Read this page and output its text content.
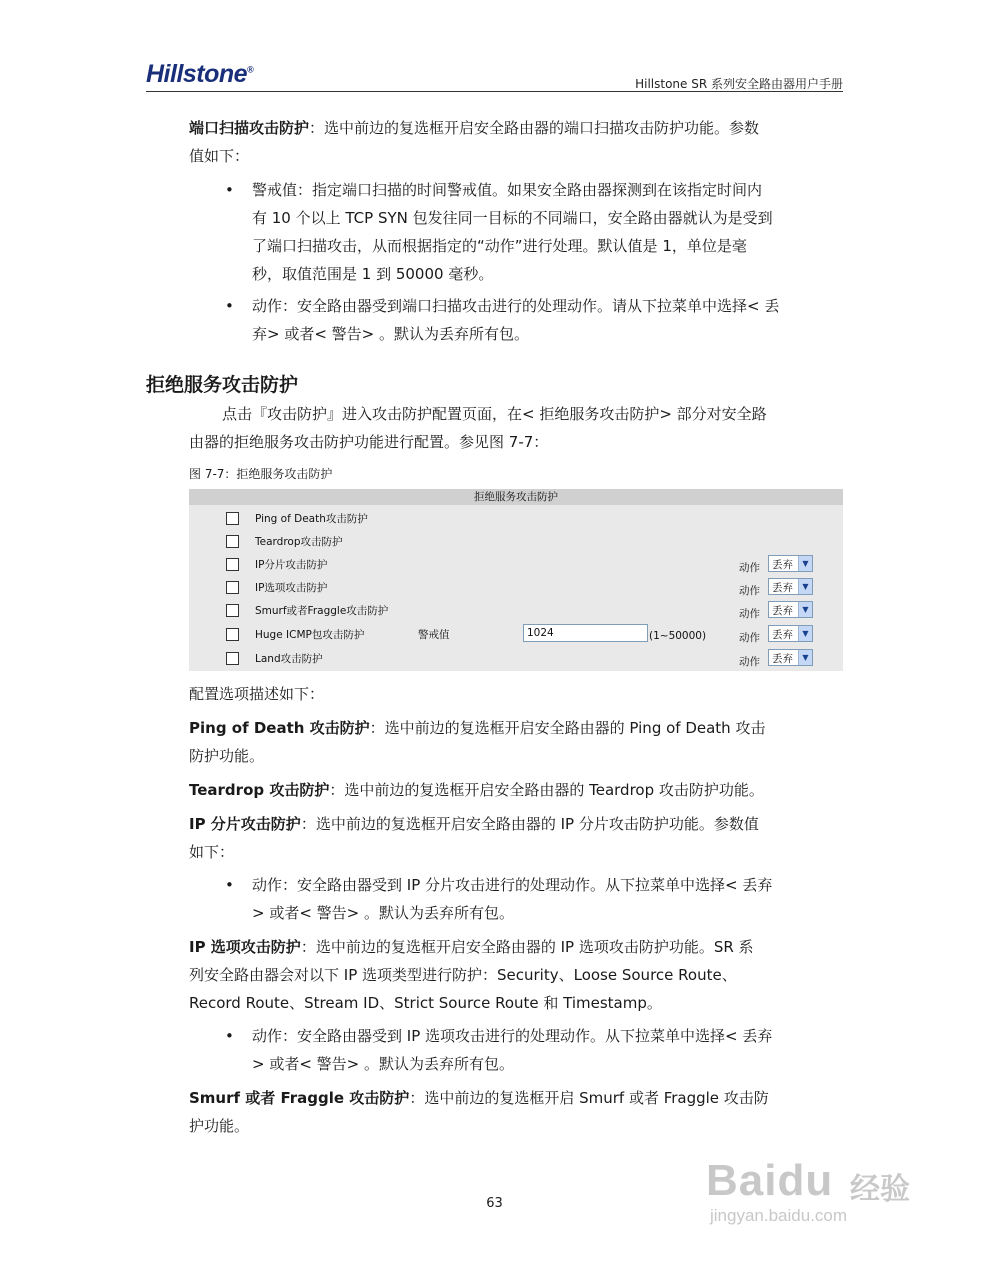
Hillstone®
Hillstone SR 系列安全路由器用户手册
端口扫描攻击防护：选中前边的复选框开启安全路由器的端口扫描攻击防护功能。参数
值如下：
• 警戒值：指定端口扫描的时间警戒值。如果安全路由器探测到在该指定时间内
有 10 个以上 TCP SYN 包发往同一目标的不同端口，安全路由器就认为是受到
了端口扫描攻击，从而根据指定的“动作”进行处理。默认值是 1，单位是毫
秒，取值范围是 1 到 50000 毫秒。
• 动作：安全路由器受到端口扫描攻击进行的处理动作。请从下拉菜单中选择< 丢
弃> 或者< 警告> 。默认为丢弃所有包。
拒绝服务攻击防护
点击『攻击防护』进入攻击防护配置页面，在< 拒绝服务攻击防护> 部分对安全路
由器的拒绝服务攻击防护功能进行配置。参见图 7-7：
图 7-7：拒绝服务攻击防护
拒绝服务攻击防护
Ping of Death攻击防护
Teardrop攻击防护
IP分片攻击防护	动作 丢弃	▼
IP选项攻击防护	动作 丢弃	▼
Smurf或者Fraggle攻击防护	动作 丢弃	▼
Huge ICMP包攻击防护	警戒值	1024	(1~50000)	动作 丢弃	▼
Land攻击防护	动作 丢弃	▼
配置选项描述如下：
Ping of Death 攻击防护：选中前边的复选框开启安全路由器的 Ping of Death 攻击
防护功能。
Teardrop 攻击防护：选中前边的复选框开启安全路由器的 Teardrop 攻击防护功能。
IP 分片攻击防护：选中前边的复选框开启安全路由器的 IP 分片攻击防护功能。参数值
如下：
• 动作：安全路由器受到 IP 分片攻击进行的处理动作。从下拉菜单中选择< 丢弃
> 或者< 警告> 。默认为丢弃所有包。
IP 选项攻击防护：选中前边的复选框开启安全路由器的 IP 选项攻击防护功能。SR 系
列安全路由器会对以下 IP 选项类型进行防护：Security、Loose Source Route、
Record Route、Stream ID、Strict Source Route 和 Timestamp。
• 动作：安全路由器受到 IP 选项攻击进行的处理动作。从下拉菜单中选择< 丢弃
> 或者< 警告> 。默认为丢弃所有包。
Smurf 或者 Fraggle 攻击防护：选中前边的复选框开启 Smurf 或者 Fraggle 攻击防
护功能。
63	Baidu 经验
jingyan.baidu.com
